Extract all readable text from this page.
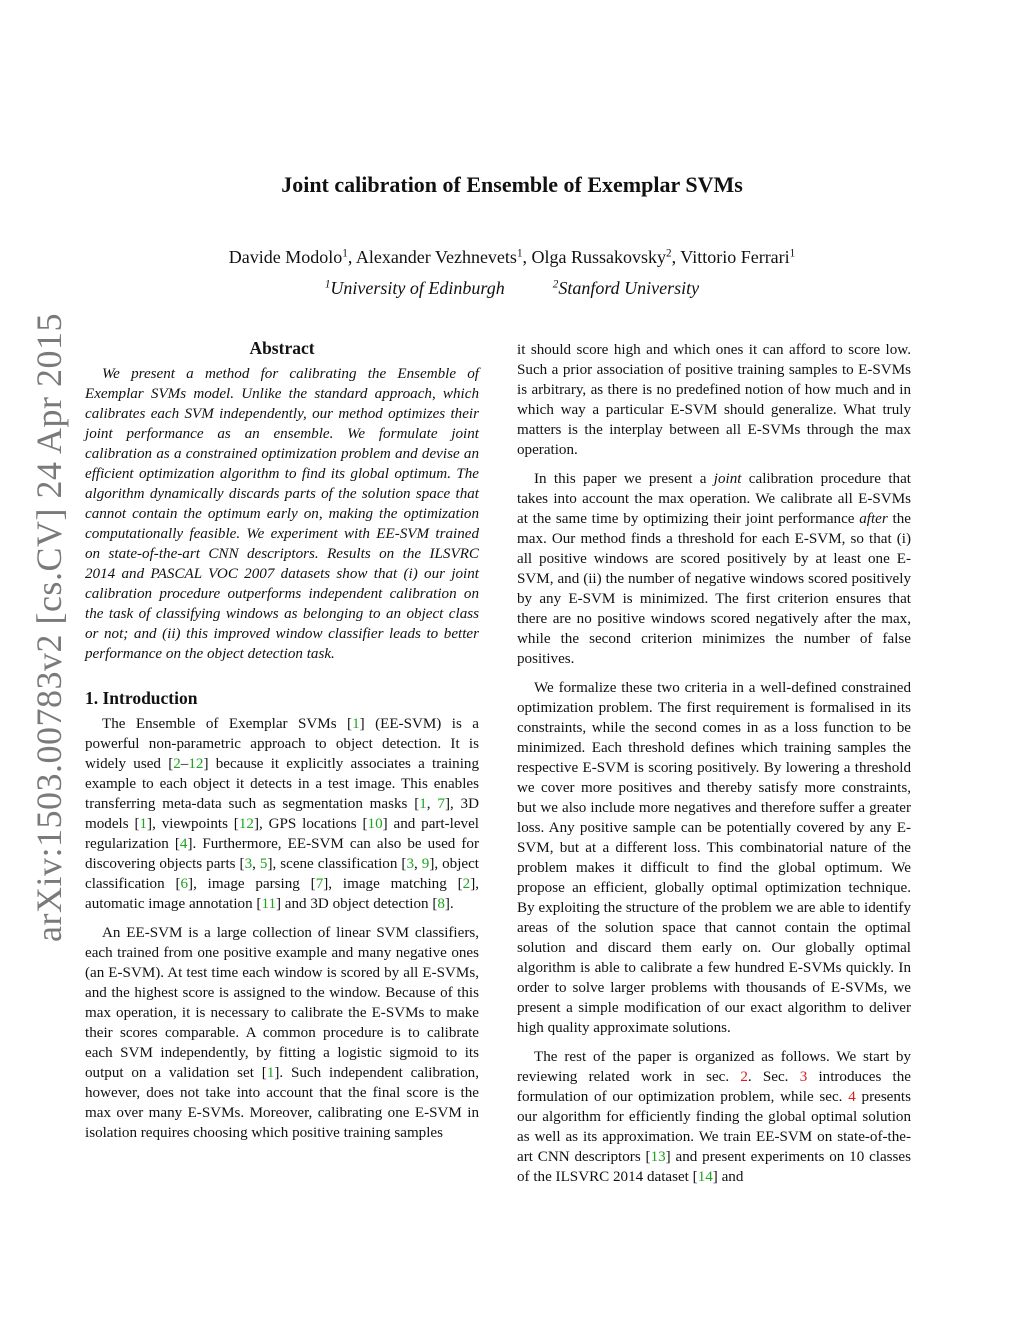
arXiv:1503.00783v2 [cs.CV] 24 Apr 2015
Joint calibration of Ensemble of Exemplar SVMs
Davide Modolo$^1$, Alexander Vezhnevets$^1$, Olga Russakovsky$^2$, Vittorio Ferrari$^1$
$^1$University of Edinburgh	$^2$Stanford University
Abstract

We present a method for calibrating the Ensemble of Exemplar SVMs model. Unlike the standard approach, which calibrates each SVM independently, our method optimizes their joint performance as an ensemble. We formulate joint calibration as a constrained optimization problem and devise an efficient optimization algorithm to find its global optimum. The algorithm dynamically discards parts of the solution space that cannot contain the optimum early on, making the optimization computationally feasible. We experiment with EE-SVM trained on state-of-the-art CNN descriptors. Results on the ILSVRC 2014 and PASCAL VOC 2007 datasets show that (i) our joint calibration procedure outperforms independent calibration on the task of classifying windows as belonging to an object class or not; and (ii) this improved window classifier leads to better performance on the object detection task.

1. Introduction

The Ensemble of Exemplar SVMs [1] (EE-SVM) is a powerful non-parametric approach to object detection. It is widely used [2–12] because it explicitly associates a training example to each object it detects in a test image. This enables transferring meta-data such as segmentation masks [1, 7], 3D models [1], viewpoints [12], GPS locations [10] and part-level regularization [4]. Furthermore, EE-SVM can also be used for discovering objects parts [3, 5], scene classification [3, 9], object classification [6], image parsing [7], image matching [2], automatic image annotation [11] and 3D object detection [8].

An EE-SVM is a large collection of linear SVM classifiers, each trained from one positive example and many negative ones (an E-SVM). At test time each window is scored by all E-SVMs, and the highest score is assigned to the window. Because of this max operation, it is necessary to calibrate the E-SVMs to make their scores comparable. A common procedure is to calibrate each SVM independently, by fitting a logistic sigmoid to its output on a validation set [1]. Such independent calibration, however, does not take into account that the final score is the max over many E-SVMs. Moreover, calibrating one E-SVM in isolation requires choosing which positive training samples

it should score high and which ones it can afford to score low. Such a prior association of positive training samples to E-SVMs is arbitrary, as there is no predefined notion of how much and in which way a particular E-SVM should generalize. What truly matters is the interplay between all E-SVMs through the max operation.

In this paper we present a joint calibration procedure that takes into account the max operation. We calibrate all E-SVMs at the same time by optimizing their joint performance after the max. Our method finds a threshold for each E-SVM, so that (i) all positive windows are scored positively by at least one E-SVM, and (ii) the number of negative windows scored positively by any E-SVM is minimized. The first criterion ensures that there are no positive windows scored negatively after the max, while the second criterion minimizes the number of false positives.

We formalize these two criteria in a well-defined constrained optimization problem. The first requirement is formalised in its constraints, while the second comes in as a loss function to be minimized. Each threshold defines which training samples the respective E-SVM is scoring positively. By lowering a threshold we cover more positives and thereby satisfy more constraints, but we also include more negatives and therefore suffer a greater loss. Any positive sample can be potentially covered by any E-SVM, but at a different loss. This combinatorial nature of the problem makes it difficult to find the global optimum. We propose an efficient, globally optimal optimization technique. By exploiting the structure of the problem we are able to identify areas of the solution space that cannot contain the optimal solution and discard them early on. Our globally optimal algorithm is able to calibrate a few hundred E-SVMs quickly. In order to solve larger problems with thousands of E-SVMs, we present a simple modification of our exact algorithm to deliver high quality approximate solutions.

The rest of the paper is organized as follows. We start by reviewing related work in sec. 2. Sec. 3 introduces the formulation of our optimization problem, while sec. 4 presents our algorithm for efficiently finding the global optimal solution as well as its approximation. We train EE-SVM on state-of-the-art CNN descriptors [13] and present experiments on 10 classes of the ILSVRC 2014 dataset [14] and
